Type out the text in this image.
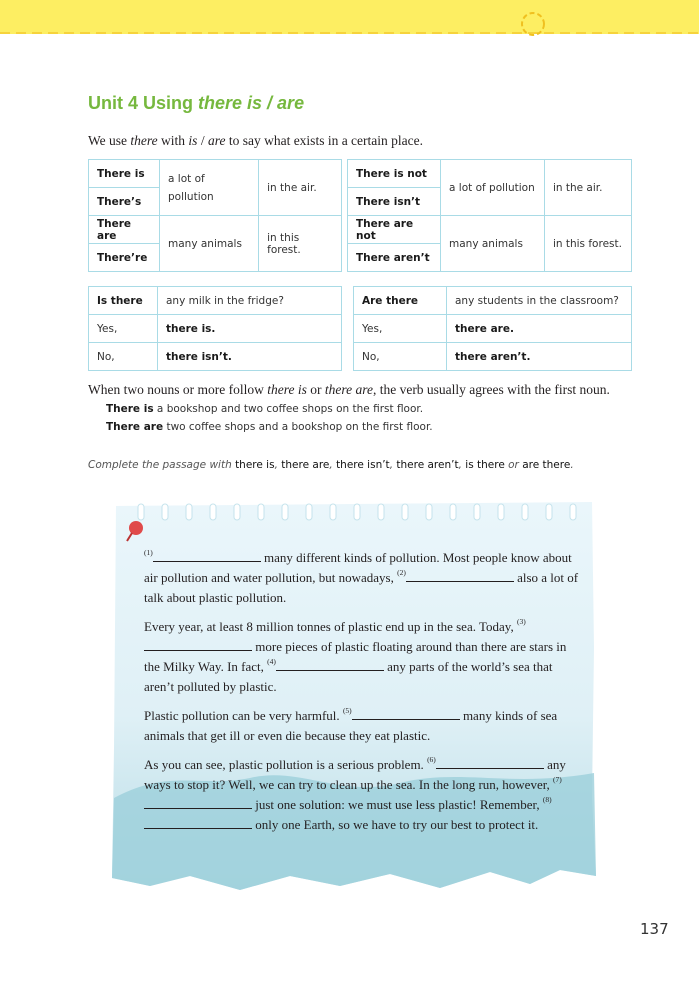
Unit 4 Using there is / are
We use there with is / are to say what exists in a certain place.
There is	a lot of pollution	in the air.
There’s		
There are	many animals	in this forest.
There’re		
There is not	a lot of pollution	in the air.
There isn’t		
There are not	many animals	in this forest.
There aren’t		
Is there	any milk in the fridge?
Yes,	there is.
No,	there isn’t.
Are there	any students in the classroom?
Yes,	there are.
No,	there aren’t.
When two nouns or more follow there is or there are, the verb usually agrees with the first noun.
There is a bookshop and two coffee shops on the first floor.
There are two coffee shops and a bookshop on the first floor.
Complete the passage with there is, there are, there isn’t, there aren’t, is there or are there.

$^{(1)}$	many different kinds of pollution. Most people know about air pollution and water pollution, but nowadays, $^{(2)}$	also a lot of talk about plastic pollution.

Every year, at least 8 million tonnes of plastic end up in the sea. Today, $^{(3)}$ more pieces of plastic floating around than there are stars in the Milky Way. In fact, $^{(4)}$	any parts of the world’s sea that aren’t polluted by plastic.

Plastic pollution can be very harmful. $^{(5)}$	many kinds of sea animals that get ill or even die because they eat plastic.

As you can see, plastic pollution is a serious problem. $^{(6)}$	any ways to stop it? Well, we can try to clean up the sea. In the long run, however, $^{(7)}$ just one solution: we must use less plastic! Remember, $^{(8)}$ only one Earth, so we have to try our best to protect it.

137
